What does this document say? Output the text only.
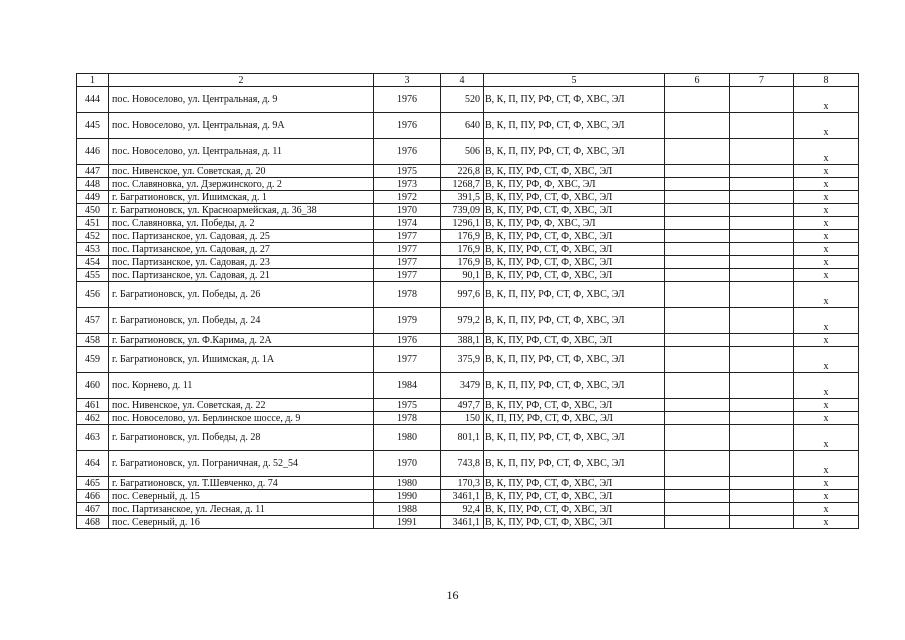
1	2	3	4	5	6	7	8
444	пос. Новоселово, ул. Центральная, д. 9	1976	520	В, К, П, ПУ, РФ, СТ, Ф, ХВС, ЭЛ			х
445	пос. Новоселово, ул. Центральная, д. 9А	1976	640	В, К, П, ПУ, РФ, СТ, Ф, ХВС, ЭЛ			х
446	пос. Новоселово, ул. Центральная, д. 11	1976	506	В, К, П, ПУ, РФ, СТ, Ф, ХВС, ЭЛ			х
447	пос. Нивенское, ул. Советская, д. 20	1975	226,8	В, К, ПУ, РФ, СТ, Ф, ХВС, ЭЛ			х
448	пос. Славяновка, ул. Дзержинского, д. 2	1973	1268,7	В, К, ПУ, РФ, Ф, ХВС, ЭЛ			х
449	г. Багратионовск, ул. Ишимская, д. 1	1972	391,5	В, К, ПУ, РФ, СТ, Ф, ХВС, ЭЛ			х
450	г. Багратионовск, ул. Красноармейская, д. 36_38	1970	739,09	В, К, ПУ, РФ, СТ, Ф, ХВС, ЭЛ			х
451	пос. Славяновка, ул. Победы, д. 2	1974	1296,1	В, К, ПУ, РФ, Ф, ХВС, ЭЛ			х
452	пос. Партизанское, ул. Садовая, д. 25	1977	176,9	В, К, ПУ, РФ, СТ, Ф, ХВС, ЭЛ			х
453	пос. Партизанское, ул. Садовая, д. 27	1977	176,9	В, К, ПУ, РФ, СТ, Ф, ХВС, ЭЛ			х
454	пос. Партизанское, ул. Садовая, д. 23	1977	176,9	В, К, ПУ, РФ, СТ, Ф, ХВС, ЭЛ			х
455	пос. Партизанское, ул. Садовая, д. 21	1977	90,1	В, К, ПУ, РФ, СТ, Ф, ХВС, ЭЛ			х
456	г. Багратионовск, ул. Победы, д. 26	1978	997,6	В, К, П, ПУ, РФ, СТ, Ф, ХВС, ЭЛ			х
457	г. Багратионовск, ул. Победы, д. 24	1979	979,2	В, К, П, ПУ, РФ, СТ, Ф, ХВС, ЭЛ			х
458	г. Багратионовск, ул. Ф.Карима, д. 2А	1976	388,1	В, К, ПУ, РФ, СТ, Ф, ХВС, ЭЛ			х
459	г. Багратионовск, ул. Ишимская, д. 1А	1977	375,9	В, К, П, ПУ, РФ, СТ, Ф, ХВС, ЭЛ			х
460	пос. Корнево, д. 11	1984	3479	В, К, П, ПУ, РФ, СТ, Ф, ХВС, ЭЛ			х
461	пос. Нивенское, ул. Советская, д. 22	1975	497,7	В, К, ПУ, РФ, СТ, Ф, ХВС, ЭЛ			х
462	пос. Новоселово, ул. Берлинское шоссе, д. 9	1978	150	К, П, ПУ, РФ, СТ, Ф, ХВС, ЭЛ			х
463	г. Багратионовск, ул. Победы, д. 28	1980	801,1	В, К, П, ПУ, РФ, СТ, Ф, ХВС, ЭЛ			х
464	г. Багратионовск, ул. Пограничная, д. 52_54	1970	743,8	В, К, П, ПУ, РФ, СТ, Ф, ХВС, ЭЛ			х
465	г. Багратионовск, ул. Т.Шевченко, д. 74	1980	170,3	В, К, ПУ, РФ, СТ, Ф, ХВС, ЭЛ			х
466	пос. Северный, д. 15	1990	3461,1	В, К, ПУ, РФ, СТ, Ф, ХВС, ЭЛ			х
467	пос. Партизанское, ул. Лесная, д. 11	1988	92,4	В, К, ПУ, РФ, СТ, Ф, ХВС, ЭЛ			х
468	пос. Северный, д. 16	1991	3461,1	В, К, ПУ, РФ, СТ, Ф, ХВС, ЭЛ			х
16
